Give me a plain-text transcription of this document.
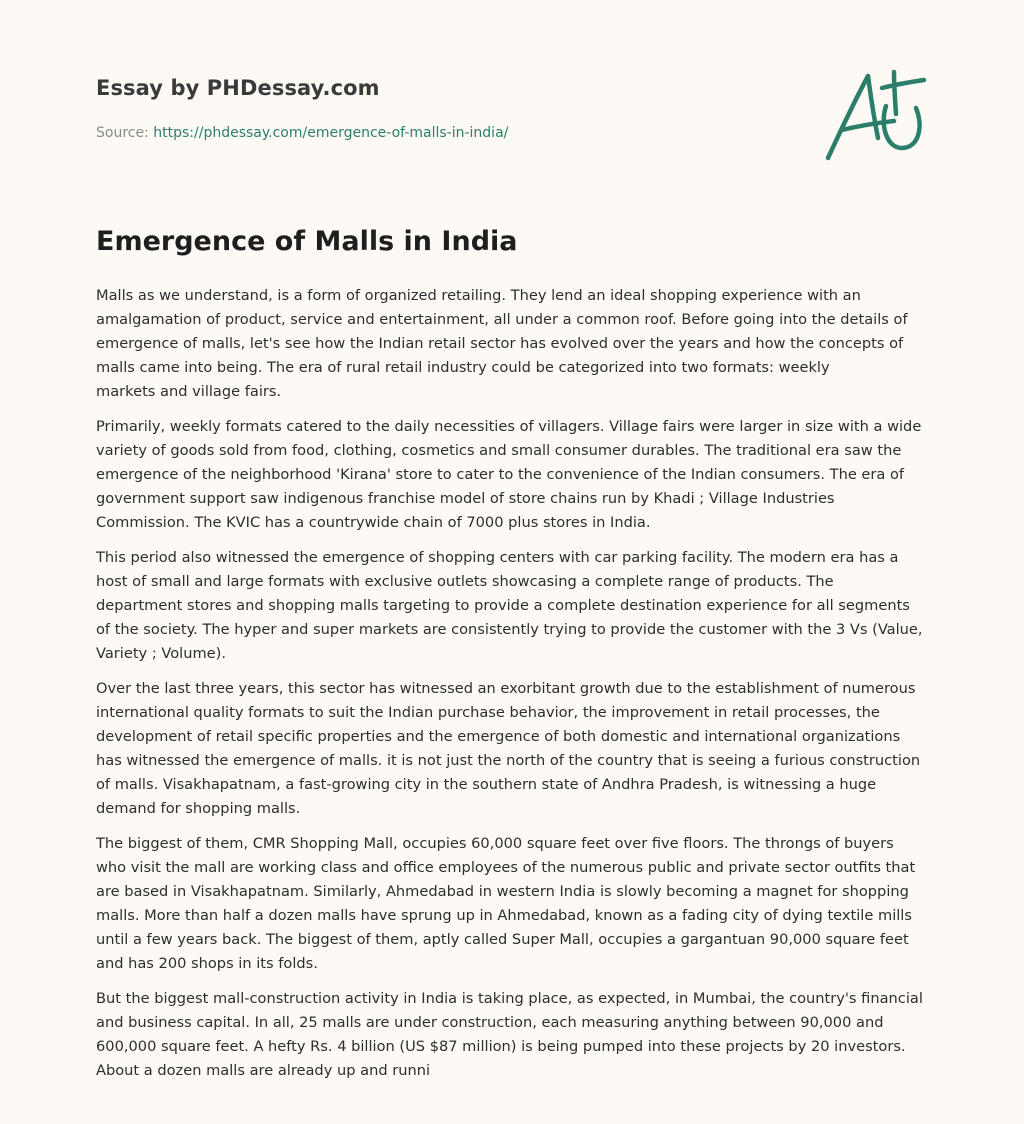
Essay by PHDessay.com
Source: https://phdessay.com/emergence-of-malls-in-india/
Emergence of Malls in India

Malls as we understand, is a form of organized retailing. They lend an ideal shopping experience with an
amalgamation of product, service and entertainment, all under a common roof. Before going into the details of
emergence of malls, let's see how the Indian retail sector has evolved over the years and how the concepts of
malls came into being. The era of rural retail industry could be categorized into two formats: weekly
markets and village fairs.

Primarily, weekly formats catered to the daily necessities of villagers. Village fairs were larger in size with a wide
variety of goods sold from food, clothing, cosmetics and small consumer durables. The traditional era saw the
emergence of the neighborhood 'Kirana' store to cater to the convenience of the Indian consumers. The era of
government support saw indigenous franchise model of store chains run by Khadi ; Village Industries
Commission. The KVIC has a countrywide chain of 7000 plus stores in India.

This period also witnessed the emergence of shopping centers with car parking facility. The modern era has a
host of small and large formats with exclusive outlets showcasing a complete range of products. The
department stores and shopping malls targeting to provide a complete destination experience for all segments
of the society. The hyper and super markets are consistently trying to provide the customer with the 3 Vs (Value,
Variety ; Volume).

Over the last three years, this sector has witnessed an exorbitant growth due to the establishment of numerous
international quality formats to suit the Indian purchase behavior, the improvement in retail processes, the
development of retail specific properties and the emergence of both domestic and international organizations
has witnessed the emergence of malls. it is not just the north of the country that is seeing a furious construction
of malls. Visakhapatnam, a fast-growing city in the southern state of Andhra Pradesh, is witnessing a huge
demand for shopping malls.

The biggest of them, CMR Shopping Mall, occupies 60,000 square feet over five floors. The throngs of buyers
who visit the mall are working class and office employees of the numerous public and private sector outfits that
are based in Visakhapatnam. Similarly, Ahmedabad in western India is slowly becoming a magnet for shopping
malls. More than half a dozen malls have sprung up in Ahmedabad, known as a fading city of dying textile mills
until a few years back. The biggest of them, aptly called Super Mall, occupies a gargantuan 90,000 square feet
and has 200 shops in its folds.

But the biggest mall-construction activity in India is taking place, as expected, in Mumbai, the country's financial
and business capital. In all, 25 malls are under construction, each measuring anything between 90,000 and
600,000 square feet. A hefty Rs. 4 billion (US $87 million) is being pumped into these projects by 20 investors.
About a dozen malls are already up and runni
